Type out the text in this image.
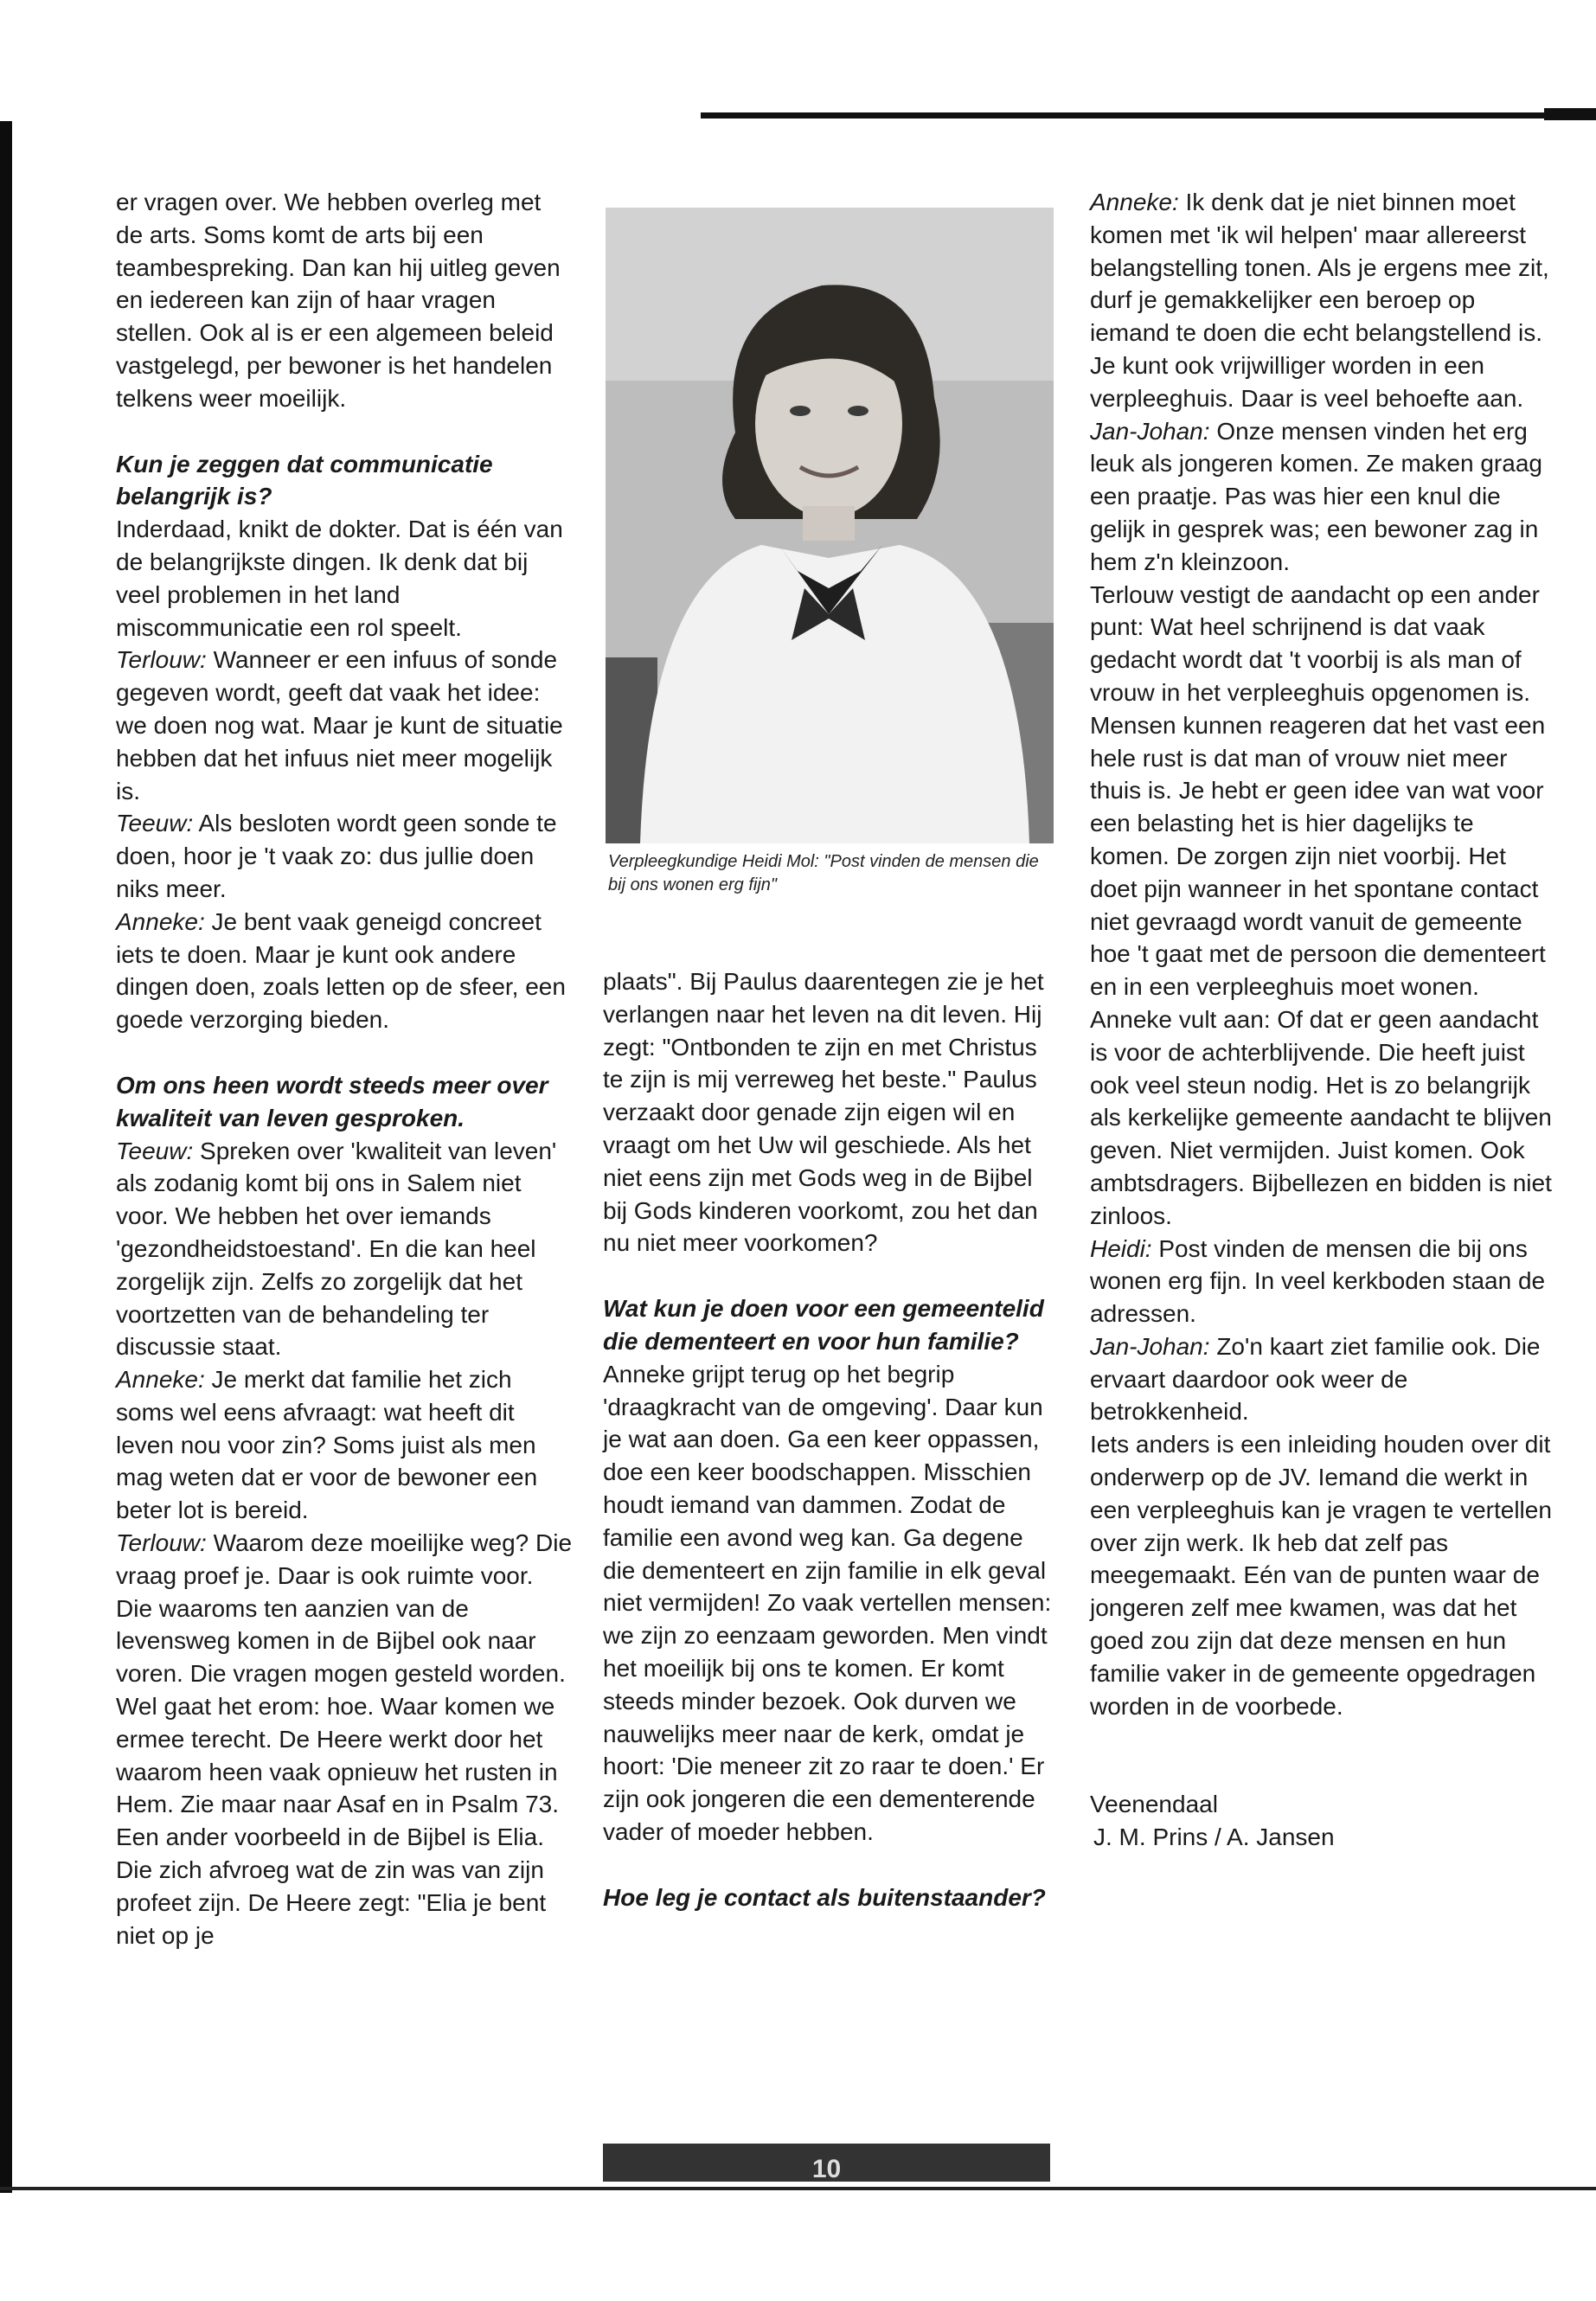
er vragen over. We hebben overleg met de arts. Soms komt de arts bij een teambespreking. Dan kan hij uitleg geven en iedereen kan zijn of haar vragen stellen. Ook al is er een algemeen beleid vastgelegd, per bewoner is het handelen telkens weer moeilijk.

Kun je zeggen dat communicatie belangrijk is?

Inderdaad, knikt de dokter. Dat is één van de belangrijkste dingen. Ik denk dat bij veel problemen in het land miscommunicatie een rol speelt.

Terlouw: Wanneer er een infuus of sonde gegeven wordt, geeft dat vaak het idee: we doen nog wat. Maar je kunt de situatie hebben dat het infuus niet meer mogelijk is.

Teeuw: Als besloten wordt geen sonde te doen, hoor je 't vaak zo: dus jullie doen niks meer.

Anneke: Je bent vaak geneigd concreet iets te doen. Maar je kunt ook andere dingen doen, zoals letten op de sfeer, een goede verzorging bieden.

Om ons heen wordt steeds meer over kwaliteit van leven gesproken.

Teeuw: Spreken over 'kwaliteit van leven' als zodanig komt bij ons in Salem niet voor. We hebben het over iemands 'gezondheidstoestand'. En die kan heel zorgelijk zijn. Zelfs zo zorgelijk dat het voortzetten van de behandeling ter discussie staat.

Anneke: Je merkt dat familie het zich soms wel eens afvraagt: wat heeft dit leven nou voor zin? Soms juist als men mag weten dat er voor de bewoner een beter lot is bereid.

Terlouw: Waarom deze moeilijke weg? Die vraag proef je. Daar is ook ruimte voor. Die waaroms ten aanzien van de levensweg komen in de Bijbel ook naar voren. Die vragen mogen gesteld worden. Wel gaat het erom: hoe. Waar komen we ermee terecht. De Heere werkt door het waarom heen vaak opnieuw het rusten in Hem. Zie maar naar Asaf en in Psalm 73. Een ander voorbeeld in de Bijbel is Elia. Die zich afvroeg wat de zin was van zijn profeet zijn. De Heere zegt: "Elia je bent niet op je

Verpleegkundige Heidi Mol: "Post vinden de mensen die bij ons wonen erg fijn"

plaats". Bij Paulus daarentegen zie je het verlangen naar het leven na dit leven. Hij zegt: "Ontbonden te zijn en met Christus te zijn is mij verreweg het beste." Paulus verzaakt door genade zijn eigen wil en vraagt om het Uw wil geschiede. Als het niet eens zijn met Gods weg in de Bijbel bij Gods kinderen voorkomt, zou het dan nu niet meer voorkomen?

Wat kun je doen voor een gemeentelid die dementeert en voor hun familie?

Anneke grijpt terug op het begrip 'draagkracht van de omgeving'. Daar kun je wat aan doen. Ga een keer oppassen, doe een keer boodschappen. Misschien houdt iemand van dammen. Zodat de familie een avond weg kan. Ga degene die dementeert en zijn familie in elk geval niet vermijden! Zo vaak vertellen mensen: we zijn zo eenzaam geworden. Men vindt het moeilijk bij ons te komen. Er komt steeds minder bezoek. Ook durven we nauwelijks meer naar de kerk, omdat je hoort: 'Die meneer zit zo raar te doen.' Er zijn ook jongeren die een dementerende vader of moeder hebben.

Hoe leg je contact als buitenstaander?

Anneke: Ik denk dat je niet binnen moet komen met 'ik wil helpen' maar allereerst belangstelling tonen. Als je ergens mee zit, durf je gemakkelijker een beroep op iemand te doen die echt belangstellend is. Je kunt ook vrijwilliger worden in een verpleeghuis. Daar is veel behoefte aan.

Jan-Johan: Onze mensen vinden het erg leuk als jongeren komen. Ze maken graag een praatje. Pas was hier een knul die gelijk in gesprek was; een bewoner zag in hem z'n kleinzoon.

Terlouw vestigt de aandacht op een ander punt: Wat heel schrijnend is dat vaak gedacht wordt dat 't voorbij is als man of vrouw in het verpleeghuis opgenomen is. Mensen kunnen reageren dat het vast een hele rust is dat man of vrouw niet meer thuis is. Je hebt er geen idee van wat voor een belasting het is hier dagelijks te komen. De zorgen zijn niet voorbij. Het doet pijn wanneer in het spontane contact niet gevraagd wordt vanuit de gemeente hoe 't gaat met de persoon die dementeert en in een verpleeghuis moet wonen.

Anneke vult aan: Of dat er geen aandacht is voor de achterblijvende. Die heeft juist ook veel steun nodig. Het is zo belangrijk als kerkelijke gemeente aandacht te blijven geven. Niet vermijden. Juist komen. Ook ambtsdragers. Bijbellezen en bidden is niet zinloos.

Heidi: Post vinden de mensen die bij ons wonen erg fijn. In veel kerkboden staan de adressen.

Jan-Johan: Zo'n kaart ziet familie ook. Die ervaart daardoor ook weer de betrokkenheid.

Iets anders is een inleiding houden over dit onderwerp op de JV. Iemand die werkt in een verpleeghuis kan je vragen te vertellen over zijn werk. Ik heb dat zelf pas meegemaakt. Eén van de punten waar de jongeren zelf mee kwamen, was dat het goed zou zijn dat deze mensen en hun familie vaker in de gemeente opgedragen worden in de voorbede.

Veenendaal

J. M. Prins / A. Jansen

10
